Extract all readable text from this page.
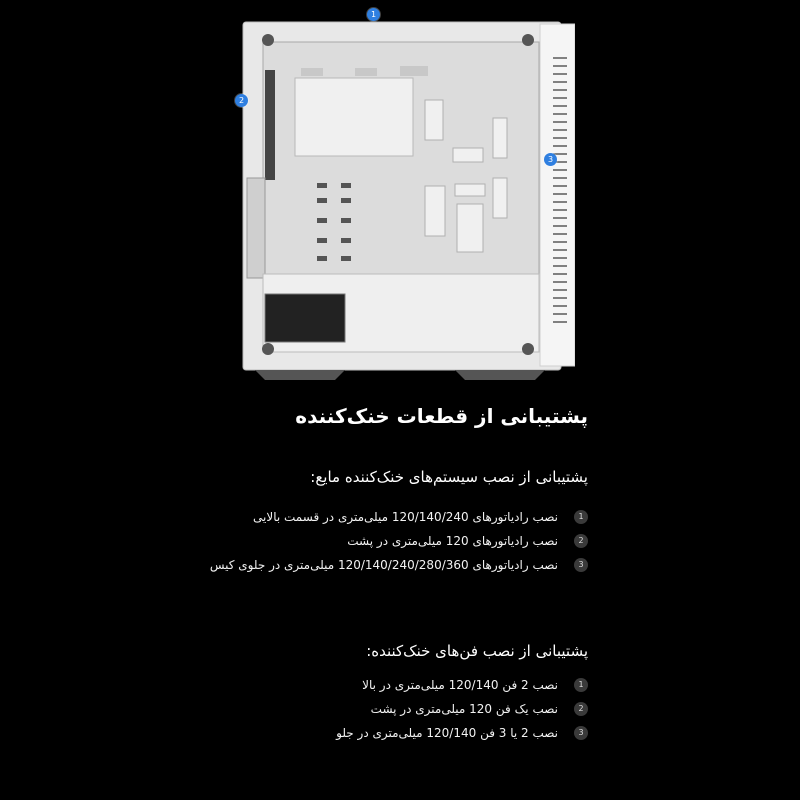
1
2
3
پشتیبانی از قطعات خنک‌کننده
پشتیبانی از نصب سیستم‌های خنک‌کننده مایع:
1
نصب رادیاتورهای 120/140/240 میلی‌متری در قسمت بالایی
2
نصب رادیاتورهای 120 میلی‌متری در پشت
3
نصب رادیاتورهای 120/140/240/280/360 میلی‌متری در جلوی کیس
پشتیبانی از نصب فن‌های خنک‌کننده:
1
نصب 2 فن 120/140 میلی‌متری در بالا
2
نصب یک فن 120 میلی‌متری در پشت
3
نصب 2 یا 3 فن 120/140 میلی‌متری در جلو
